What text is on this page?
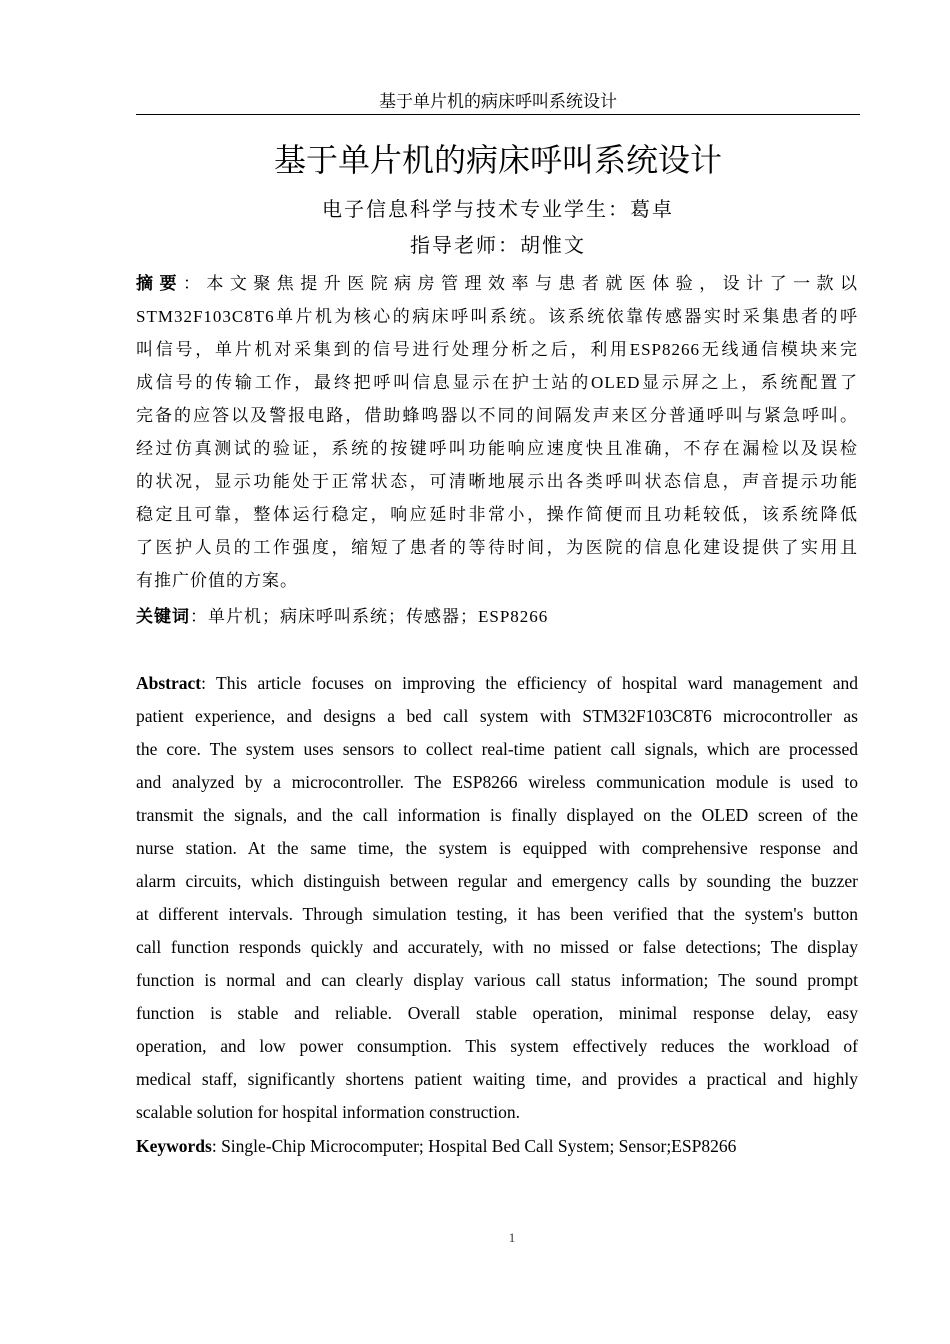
基于单片机的病床呼叫系统设计
基于单片机的病床呼叫系统设计
电子信息科学与技术专业学生：葛卓
指导老师：胡惟文
摘要：本文聚焦提升医院病房管理效率与患者就医体验，设计了一款以
STM32F103C8T6单片机为核心的病床呼叫系统。该系统依靠传感器实时采集患者的呼
叫信号，单片机对采集到的信号进行处理分析之后，利用ESP8266无线通信模块来完
成信号的传输工作，最终把呼叫信息显示在护士站的OLED显示屏之上，系统配置了
完备的应答以及警报电路，借助蜂鸣器以不同的间隔发声来区分普通呼叫与紧急呼叫。
经过仿真测试的验证，系统的按键呼叫功能响应速度快且准确，不存在漏检以及误检
的状况，显示功能处于正常状态，可清晰地展示出各类呼叫状态信息，声音提示功能
稳定且可靠，整体运行稳定，响应延时非常小，操作简便而且功耗较低，该系统降低
了医护人员的工作强度，缩短了患者的等待时间，为医院的信息化建设提供了实用且
有推广价值的方案。
关键词：单片机；病床呼叫系统；传感器；ESP8266
Abstract: This article focuses on improving the efficiency of hospital ward management and
patient experience, and designs a bed call system with STM32F103C8T6 microcontroller as
the core. The system uses sensors to collect real-time patient call signals, which are processed
and analyzed by a microcontroller. The ESP8266 wireless communication module is used to
transmit the signals, and the call information is finally displayed on the OLED screen of the
nurse station. At the same time, the system is equipped with comprehensive response and
alarm circuits, which distinguish between regular and emergency calls by sounding the buzzer
at different intervals. Through simulation testing, it has been verified that the system's button
call function responds quickly and accurately, with no missed or false detections; The display
function is normal and can clearly display various call status information; The sound prompt
function is stable and reliable. Overall stable operation, minimal response delay, easy
operation, and low power consumption. This system effectively reduces the workload of
medical staff, significantly shortens patient waiting time, and provides a practical and highly
scalable solution for hospital information construction.
Keywords: Single-Chip Microcomputer; Hospital Bed Call System; Sensor;ESP8266
1
